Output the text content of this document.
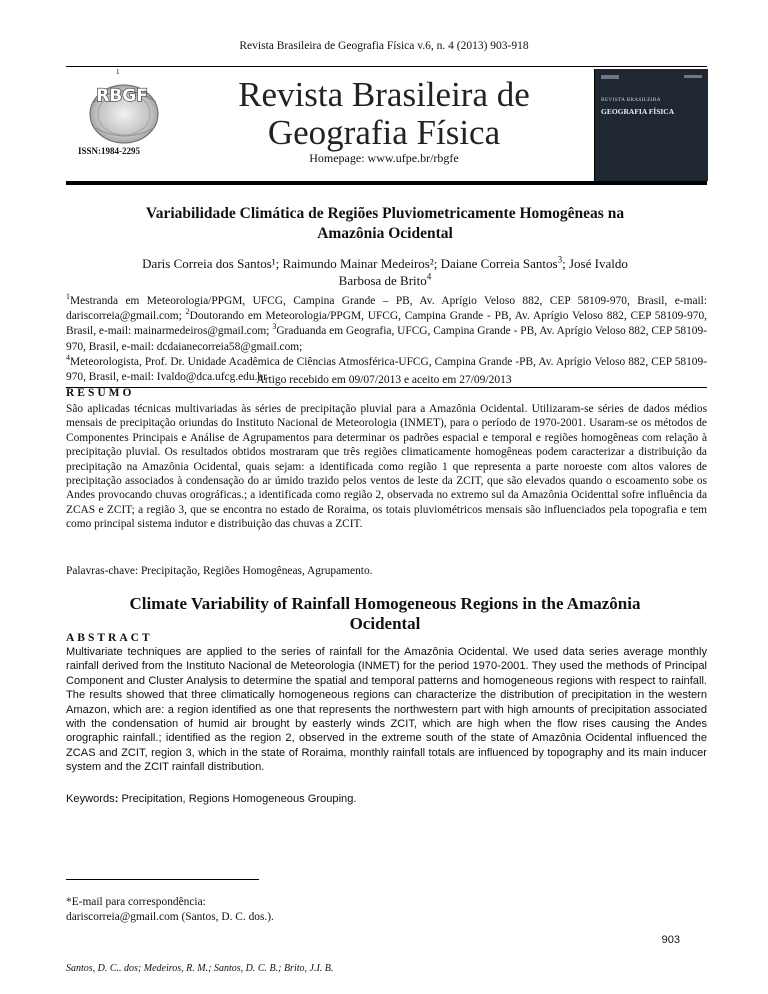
Revista Brasileira de Geografia Física v.6, n. 4 (2013) 903-918
1
RBGF
ISSN:1984-2295
Revista Brasileira de
Geografia Física
Homepage: www.ufpe.br/rbgfe
REVISTA BRASILEIRA
GEOGRAFIA FÍSICA
Variabilidade Climática de Regiões Pluviometricamente Homogêneas na
Amazônia Ocidental
Daris Correia dos Santos¹; Raimundo Mainar Medeiros²; Daiane Correia Santos$^3$; José Ivaldo
Barbosa de Brito$^4$
$^1$Mestranda em Meteorologia/PPGM, UFCG, Campina Grande – PB, Av. Aprígio Veloso 882, CEP 58109-970, Brasil, e-mail: dariscorreia@gmail.com; $^2$Doutorando em Meteorologia/PPGM, UFCG, Campina Grande - PB, Av. Aprígio Veloso 882, CEP 58109-970, Brasil, e-mail: mainarmedeiros@gmail.com; $^3$Graduanda em Geografia, UFCG, Campina Grande - PB, Av. Aprígio Veloso 882, CEP 58109-970, Brasil, e-mail: dcdaianecorreia58@gmail.com;
$^4$Meteorologista, Prof. Dr. Unidade Acadêmica de Ciências Atmosférica-UFCG, Campina Grande -PB, Av. Aprígio Veloso 882, CEP 58109-970, Brasil, e-mail: Ivaldo@dca.ufcg.edu.br
Artigo recebido em 09/07/2013 e aceito em 27/09/2013
RESUMO
São aplicadas técnicas multivariadas às séries de precipitação pluvial para a Amazônia Ocidental. Utilizaram-se séries de dados médios mensais de precipitação oriundas do Instituto Nacional de Meteorologia (INMET), para o período de 1970-2001. Usaram-se os métodos de Componentes Principais e Análise de Agrupamentos para determinar os padrões espacial e temporal e regiões homogêneas com relação à precipitação pluvial. Os resultados obtidos mostraram que três regiões climaticamente homogêneas podem caracterizar a distribuição da precipitação na Amazônia Ocidental, quais sejam: a identificada como região 1 que representa a parte noroeste com altos valores de precipitação associados à condensação do ar úmido trazido pelos ventos de leste da ZCIT, que são elevados quando o escoamento sobe os Andes provocando chuvas orográficas.; a identificada como região 2, observada no extremo sul da Amazônia Ocidenttal sofre influência da ZCAS e ZCIT; a região 3, que se encontra no estado de Roraima, os totais pluviométricos mensais são influenciados pela topografia e tem como principal sistema indutor e distribuição das chuvas a ZCIT.
Palavras-chave: Precipitação, Regiões Homogêneas, Agrupamento.
Climate Variability of Rainfall Homogeneous Regions in the Amazônia
Ocidental
ABSTRACT
Multivariate techniques are applied to the series of rainfall for the Amazônia Ocidental. We used data series average monthly rainfall derived from the Instituto Nacional de Meteorologia (INMET) for the period 1970-2001. They used the methods of Principal Component and Cluster Analysis to determine the spatial and temporal patterns and homogeneous regions with respect to rainfall. The results showed that three climatically homogeneous regions can characterize the distribution of precipitation in the western Amazon, which are: a region identified as one that represents the northwestern part with high amounts of precipitation associated with the condensation of humid air brought by easterly winds ZCIT, which are high when the flow rises causing the Andes orographic rainfall.; identified as the region 2, observed in the extreme south of the state of Amazônia Ocidental influenced the ZCAS and ZCIT, region 3, which in the state of Roraima, monthly rainfall totals are influenced by topography and its main inducer system and the ZCIT rainfall distribution.
Keywords: Precipitation, Regions Homogeneous Grouping.
*E-mail para correspondência:
dariscorreia@gmail.com (Santos, D. C. dos.).
903
Santos, D. C.. dos; Medeiros, R. M.; Santos, D. C. B.; Brito, J.I. B.
